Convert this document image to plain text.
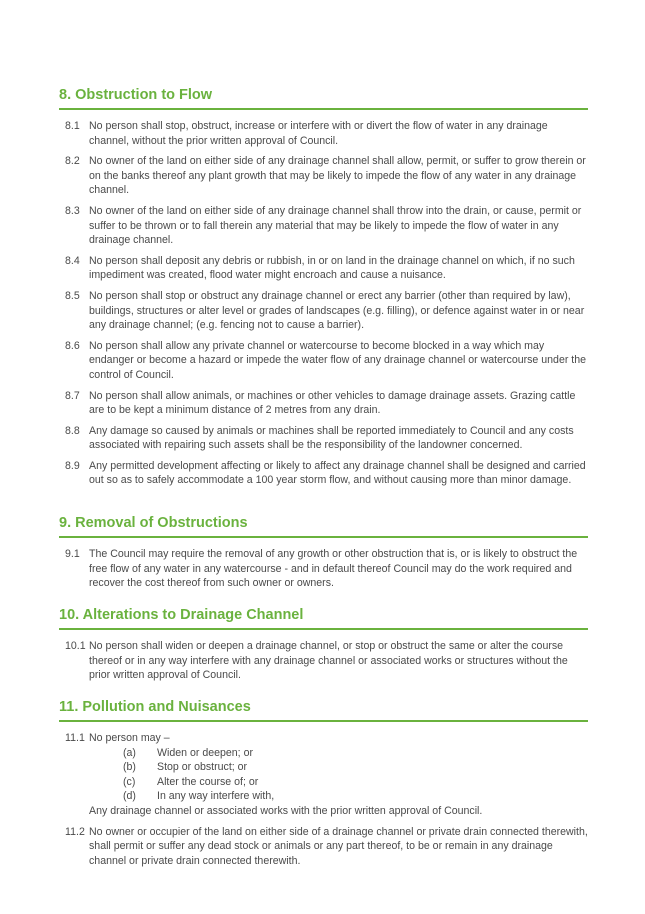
8. Obstruction to Flow
8.1 No person shall stop, obstruct, increase or interfere with or divert the flow of water in any drainage channel, without the prior written approval of Council.
8.2 No owner of the land on either side of any drainage channel shall allow, permit, or suffer to grow therein or on the banks thereof any plant growth that may be likely to impede the flow of any water in any drainage channel.
8.3 No owner of the land on either side of any drainage channel shall throw into the drain, or cause, permit or suffer to be thrown or to fall therein any material that may be likely to impede the flow of water in any drainage channel.
8.4 No person shall deposit any debris or rubbish, in or on land in the drainage channel on which, if no such impediment was created, flood water might encroach and cause a nuisance.
8.5 No person shall stop or obstruct any drainage channel or erect any barrier (other than required by law), buildings, structures or alter level or grades of landscapes (e.g. filling), or defence against water in or near any drainage channel; (e.g. fencing not to cause a barrier).
8.6 No person shall allow any private channel or watercourse to become blocked in a way which may endanger or become a hazard or impede the water flow of any drainage channel or watercourse under the control of Council.
8.7 No person shall allow animals, or machines or other vehicles to damage drainage assets. Grazing cattle are to be kept a minimum distance of 2 metres from any drain.
8.8 Any damage so caused by animals or machines shall be reported immediately to Council and any costs associated with repairing such assets shall be the responsibility of the landowner concerned.
8.9 Any permitted development affecting or likely to affect any drainage channel shall be designed and carried out so as to safely accommodate a 100 year storm flow, and without causing more than minor damage.
9. Removal of Obstructions
9.1 The Council may require the removal of any growth or other obstruction that is, or is likely to obstruct the free flow of any water in any watercourse - and in default thereof Council may do the work required and recover the cost thereof from such owner or owners.
10. Alterations to Drainage Channel
10.1 No person shall widen or deepen a drainage channel, or stop or obstruct the same or alter the course thereof or in any way interfere with any drainage channel or associated works or structures without the prior written approval of Council.
11. Pollution and Nuisances
11.1 No person may –
(a)	Widen or deepen; or
(b)	Stop or obstruct; or
(c)	Alter the course of; or
(d)	In any way interfere with,
Any drainage channel or associated works with the prior written approval of Council.
11.2 No owner or occupier of the land on either side of a drainage channel or private drain connected therewith, shall permit or suffer any dead stock or animals or any part thereof, to be or remain in any drainage channel or private drain connected therewith.
